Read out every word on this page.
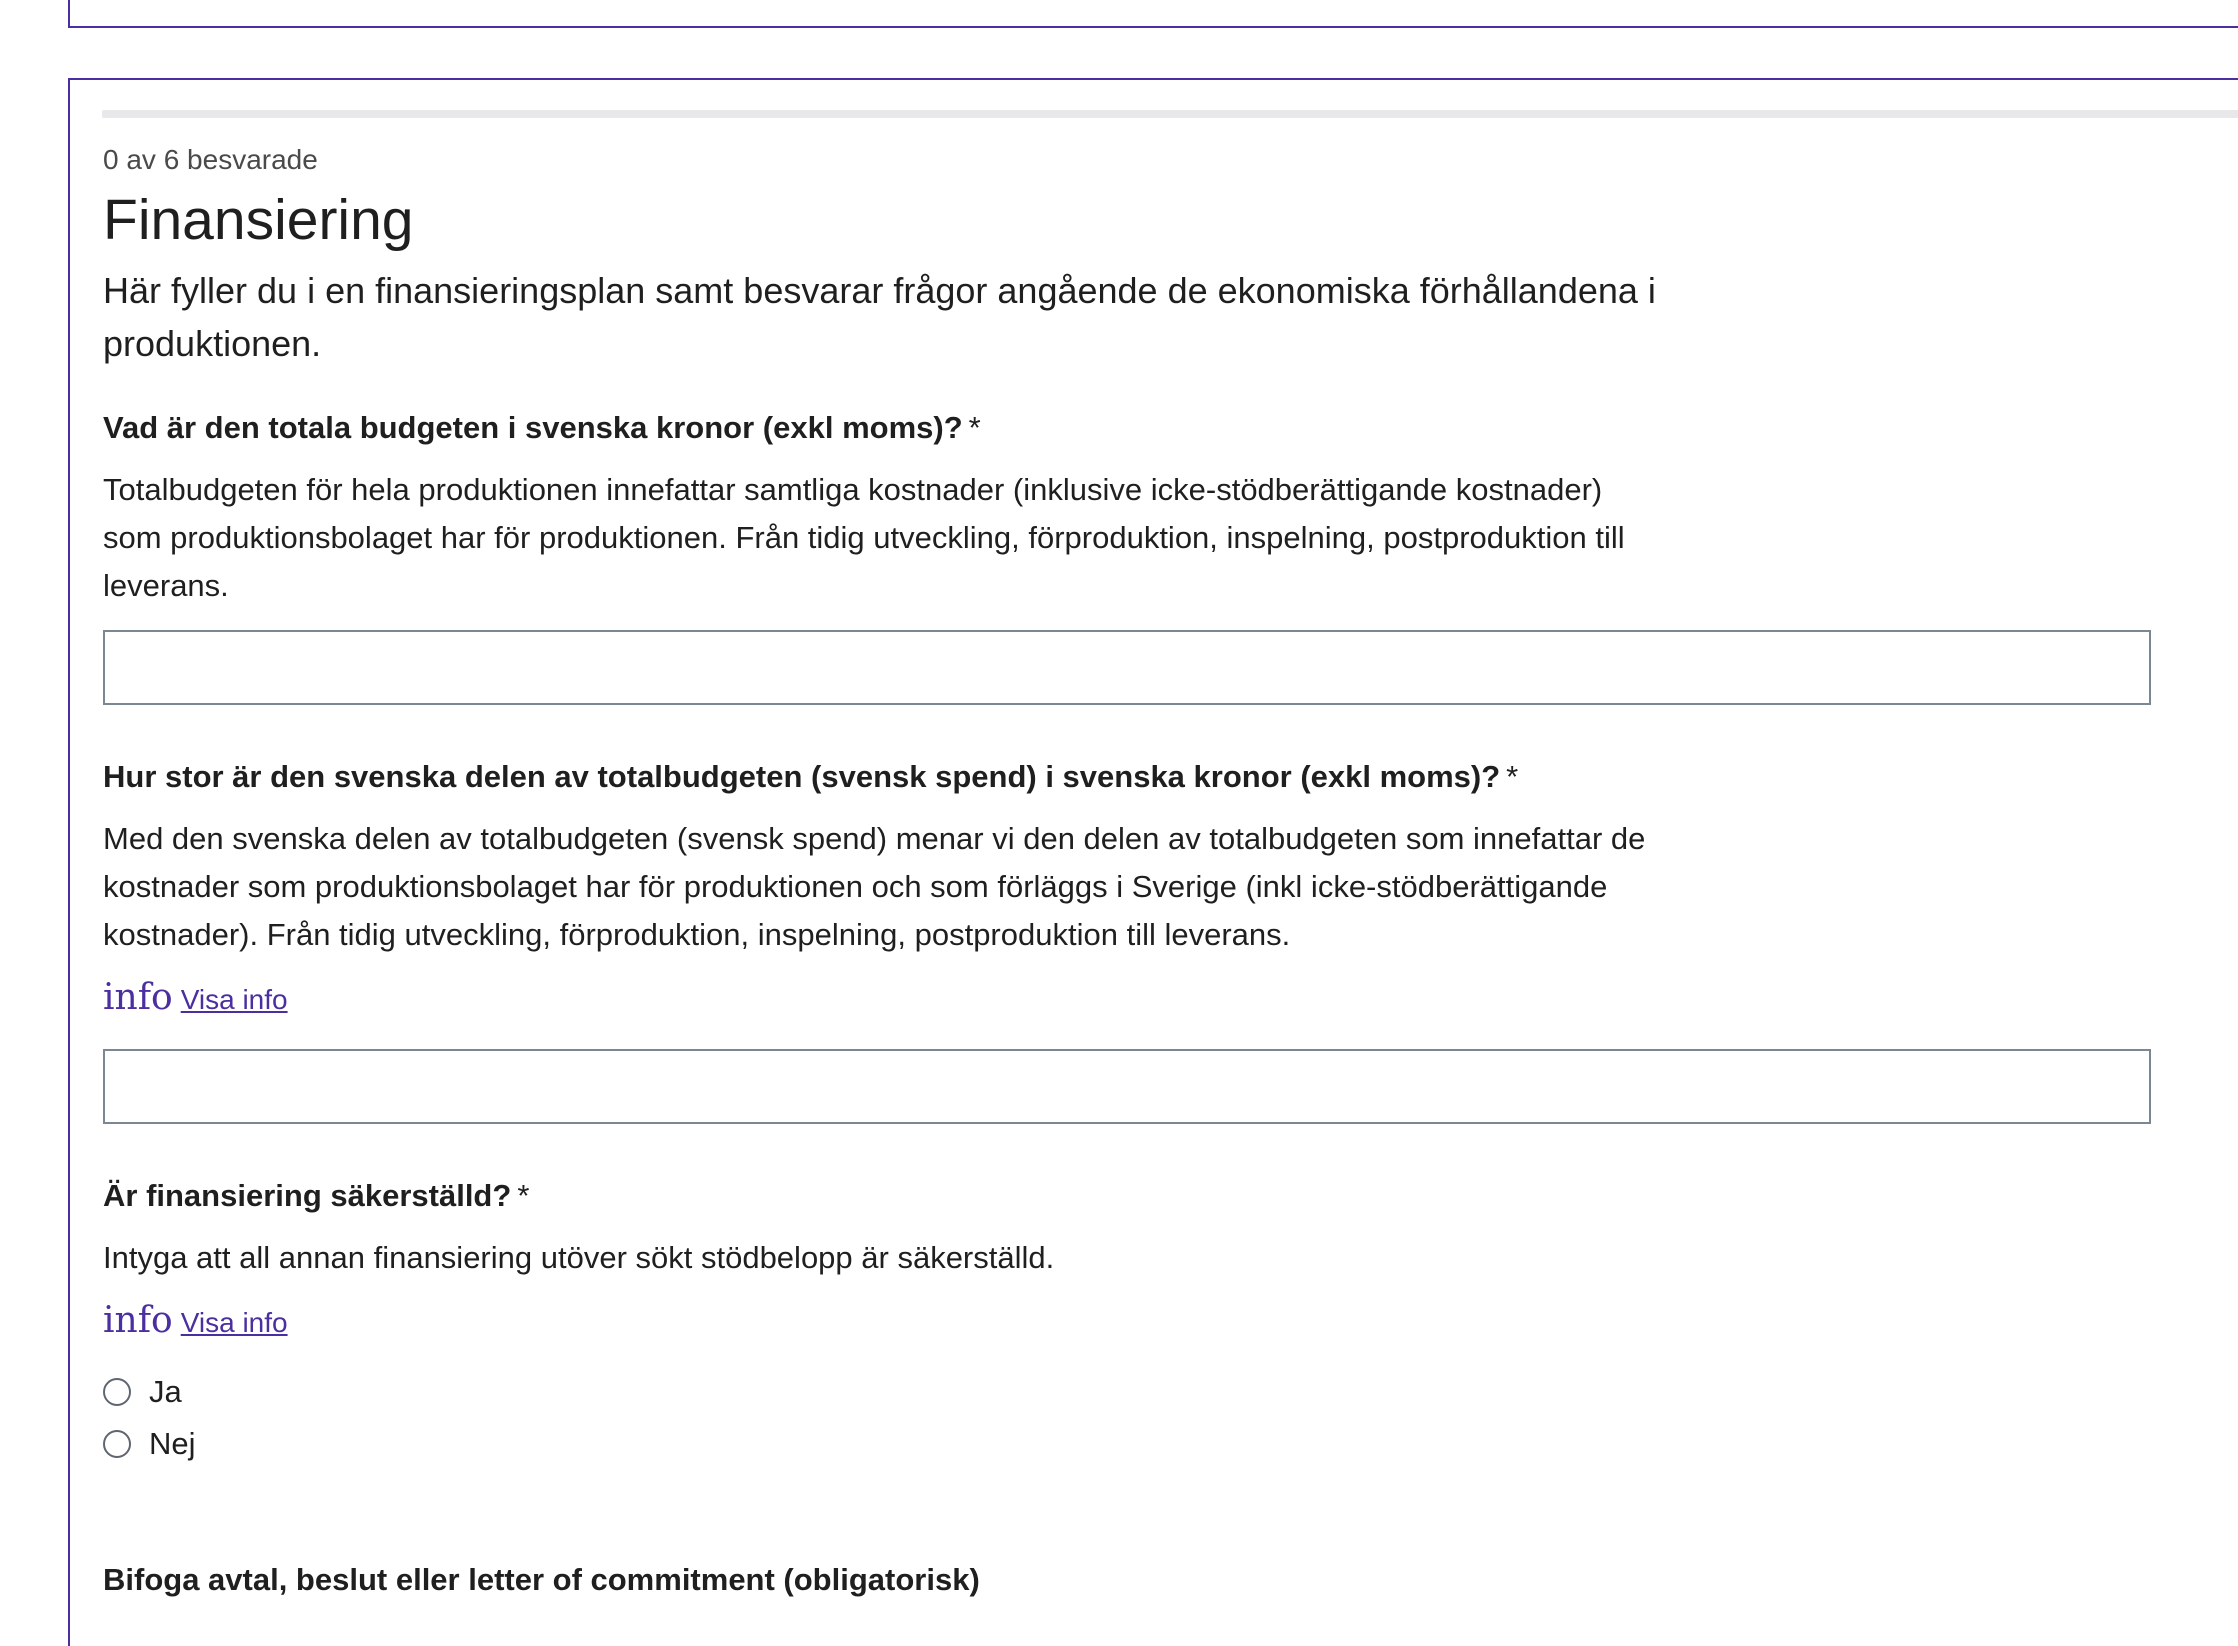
0 av 6 besvarade

Finansiering

Här fyller du i en finansieringsplan samt besvarar frågor angående de ekonomiska förhållandena i produktionen.

Vad är den totala budgeten i svenska kronor (exkl moms)? *

Totalbudgeten för hela produktionen innefattar samtliga kostnader (inklusive icke-stödberättigande kostnader) som produktionsbolaget har för produktionen. Från tidig utveckling, förproduktion, inspelning, postproduktion till leverans.

Hur stor är den svenska delen av totalbudgeten (svensk spend) i svenska kronor (exkl moms)? *

Med den svenska delen av totalbudgeten (svensk spend) menar vi den delen av totalbudgeten som innefattar de kostnader som produktionsbolaget har för produktionen och som förläggs i Sverige (inkl icke-stödberättigande kostnader). Från tidig utveckling, förproduktion, inspelning, postproduktion till leverans.

info Visa info

Är finansiering säkerställd? *

Intyga att all annan finansiering utöver sökt stödbelopp är säkerställd.

info Visa info
Ja
Nej

Bifoga avtal, beslut eller letter of commitment (obligatorisk)
